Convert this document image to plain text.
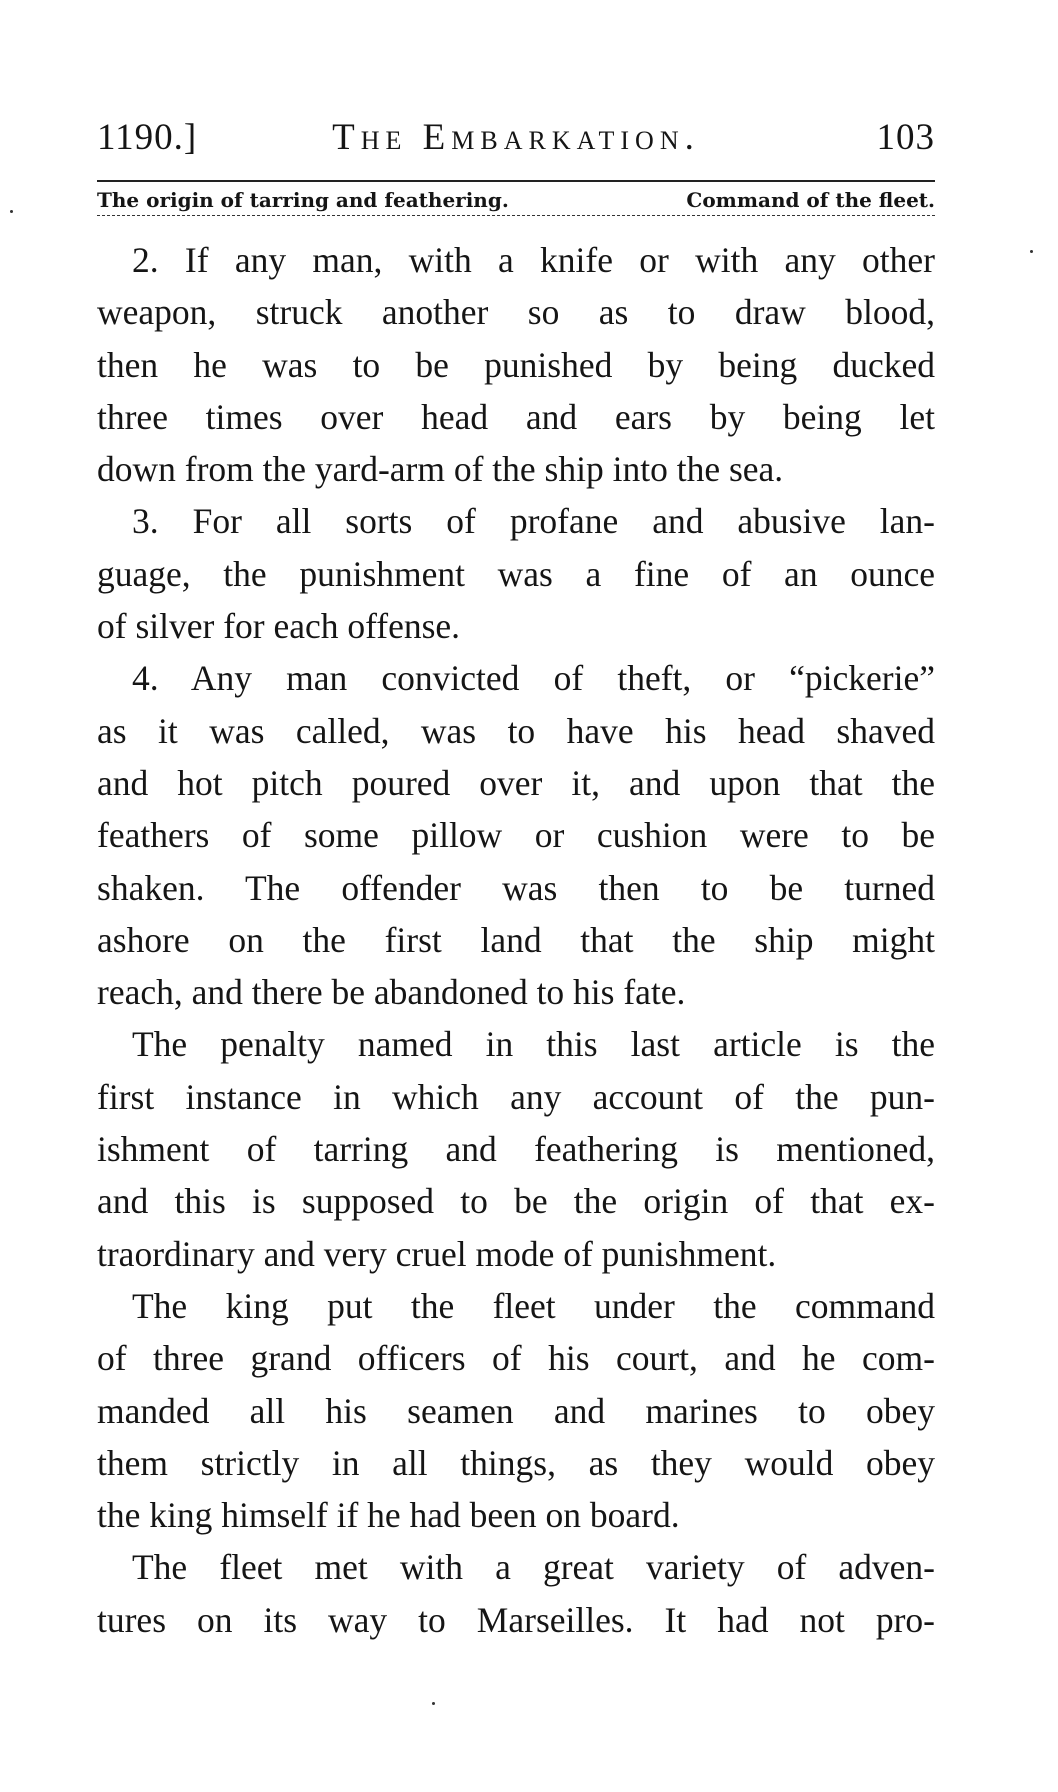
1190.]	The Embarkation.	103
The origin of tarring and feathering.	Command of the fleet.

2. If any man, with a knife or with any other
weapon, struck another so as to draw blood,
then he was to be punished by being ducked
three times over head and ears by being let
down from the yard-arm of the ship into the sea.

3. For all sorts of profane and abusive lan-
guage, the punishment was a fine of an ounce
of silver for each offense.

4. Any man convicted of theft, or “pickerie”
as it was called, was to have his head shaved
and hot pitch poured over it, and upon that the
feathers of some pillow or cushion were to be
shaken. The offender was then to be turned
ashore on the first land that the ship might
reach, and there be abandoned to his fate.

The penalty named in this last article is the
first instance in which any account of the pun-
ishment of tarring and feathering is mentioned,
and this is supposed to be the origin of that ex-
traordinary and very cruel mode of punishment.

The king put the fleet under the command
of three grand officers of his court, and he com-
manded all his seamen and marines to obey
them strictly in all things, as they would obey
the king himself if he had been on board.

The fleet met with a great variety of adven-
tures on its way to Marseilles. It had not pro-
